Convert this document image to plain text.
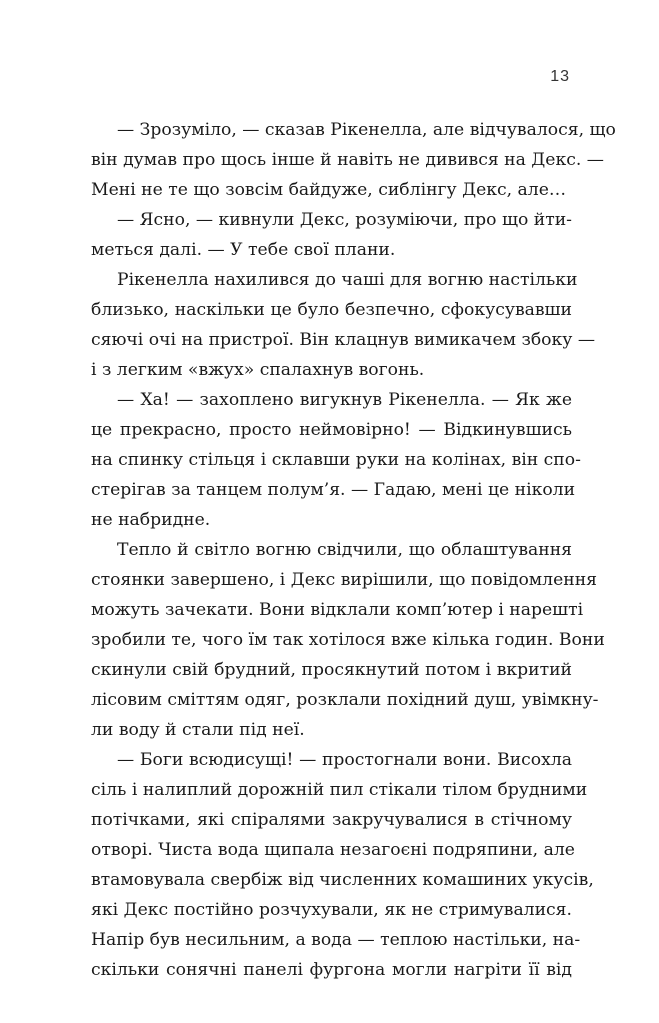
13
— Зрозуміло, — сказав Рікенелла, але відчувалося, що
він думав про щось інше й навіть не дивився на Декс. —
Мені не те що зовсім байдуже, сиблінгу Декс, але…
— Ясно, — кивнули Декс, розуміючи, про що йти-
меться далі. — У тебе свої плани.
Рікенелла нахилився до чаші для вогню настільки
близько, наскільки це було безпечно, сфокусувавши
сяючі очі на пристрої. Він клацнув вимикачем збоку —
і з легким «вжух» спалахнув вогонь.
— Ха! — захоплено вигукнув Рікенелла. — Як же
це прекрасно, просто неймовірно! — Відкинувшись
на спинку стільця і склавши руки на колінах, він спо-
стерігав за танцем полум’я. — Гадаю, мені це ніколи
не набридне.
Тепло й світло вогню свідчили, що облаштування
стоянки завершено, і Декс вирішили, що повідомлення
можуть зачекати. Вони відклали комп’ютер і нарешті
зробили те, чого їм так хотілося вже кілька годин. Вони
скинули свій брудний, просякнутий потом і вкритий
лісовим сміттям одяг, розклали похідний душ, увімкну-
ли воду й стали під неї.
— Боги всюдисущі! — простогнали вони. Висохла
сіль і налиплий дорожній пил стікали тілом брудними
потічками, які спіралями закручувалися в стічному
отворі. Чиста вода щипала незагоєні подряпини, але
втамовувала свербіж від численних комашиних укусів,
які Декс постійно розчухували, як не стримувалися.
Напір був несильним, а вода — теплою настільки, на-
скільки сонячні панелі фургона могли нагріти її від
